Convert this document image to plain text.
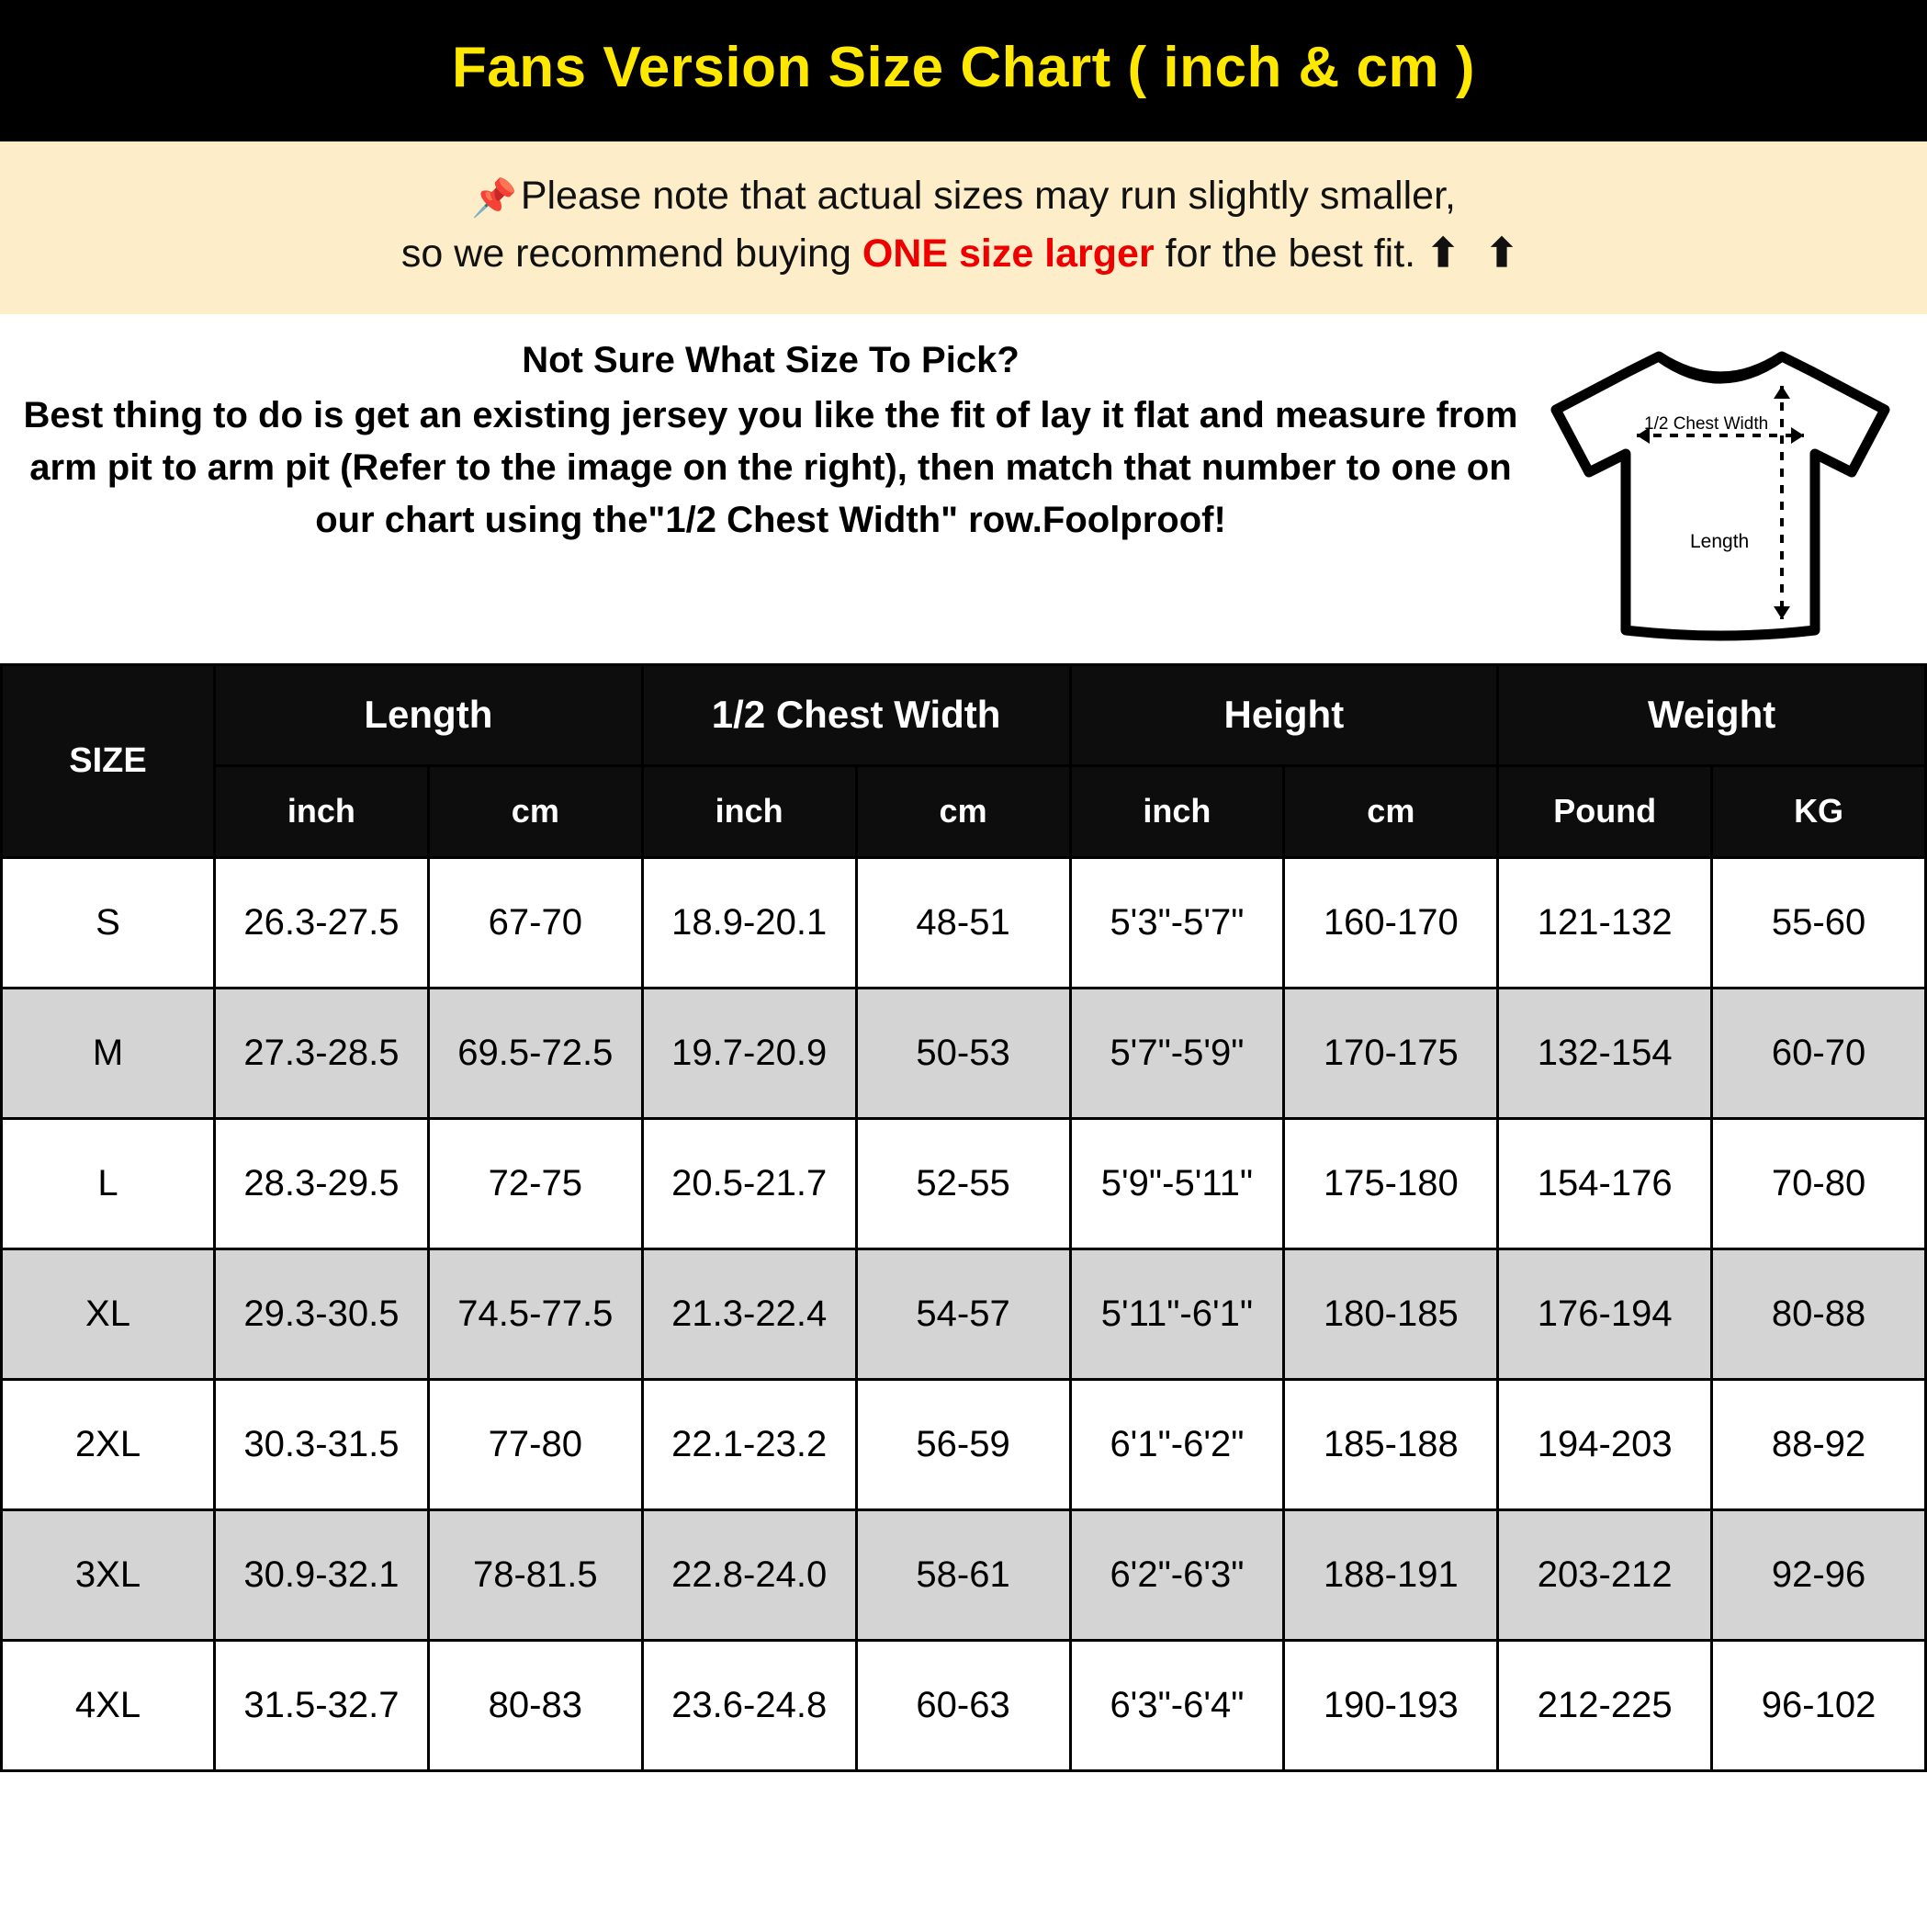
Fans Version Size Chart ( inch & cm )
📌Please note that actual sizes may run slightly smaller,
so we recommend buying ONE size larger for the best fit. ⬆ ⬆
Not Sure What Size To Pick?
Best thing to do is get an existing jersey you like the fit of lay it flat and measure from arm pit to arm pit (Refer to the image on the right), then match that number to one on our chart using the"1/2 Chest Width" row.Foolproof!
1/2 Chest Width
Length
SIZE	Length		1/2 Chest Width		Height		Weight	
	inch	cm	inch	cm	inch	cm	Pound	KG
S	26.3-27.5	67-70	18.9-20.1	48-51	5'3"-5'7"	160-170	121-132	55-60
M	27.3-28.5	69.5-72.5	19.7-20.9	50-53	5'7"-5'9"	170-175	132-154	60-70
L	28.3-29.5	72-75	20.5-21.7	52-55	5'9"-5'11"	175-180	154-176	70-80
XL	29.3-30.5	74.5-77.5	21.3-22.4	54-57	5'11"-6'1"	180-185	176-194	80-88
2XL	30.3-31.5	77-80	22.1-23.2	56-59	6'1"-6'2"	185-188	194-203	88-92
3XL	30.9-32.1	78-81.5	22.8-24.0	58-61	6'2"-6'3"	188-191	203-212	92-96
4XL	31.5-32.7	80-83	23.6-24.8	60-63	6'3"-6'4"	190-193	212-225	96-102
